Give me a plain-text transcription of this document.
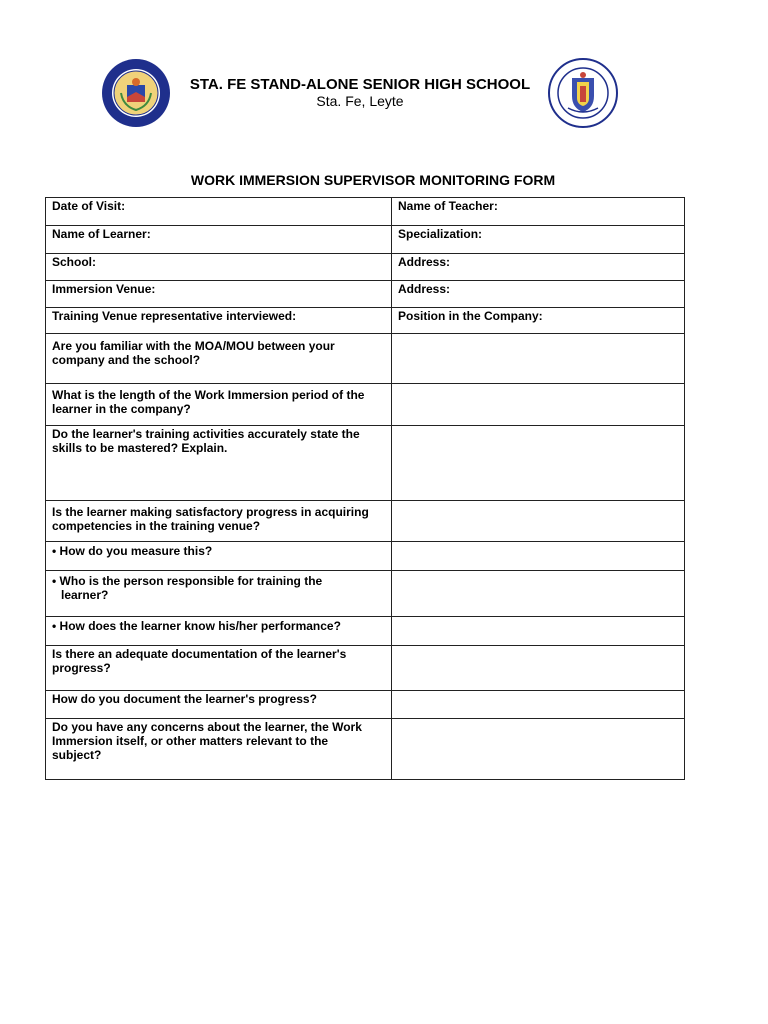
STA. FE STAND-ALONE SENIOR HIGH SCHOOL
Sta. Fe, Leyte
WORK IMMERSION SUPERVISOR MONITORING FORM
Date of Visit:	Name of Teacher:
Name of Learner:	Specialization:
School:	Address:
Immersion Venue:	Address:
Training Venue representative interviewed:	Position in the Company:

Are you familiar with the MOA/MOU between your
company and the school?	

What is the length of the Work Immersion period of the
learner in the company?	

Do the learner's training activities accurately state the
skills to be mastered? Explain.	

Is the learner making satisfactory progress in acquiring
competencies in the training venue?	

• How do you measure this?	

• Who is the person responsible for training the
learner?	

• How does the learner know his/her performance?	

Is there an adequate documentation of the learner's
progress?	

How do you document the learner's progress?	

Do you have any concerns about the learner, the Work
Immersion itself, or other matters relevant to the
subject?	
